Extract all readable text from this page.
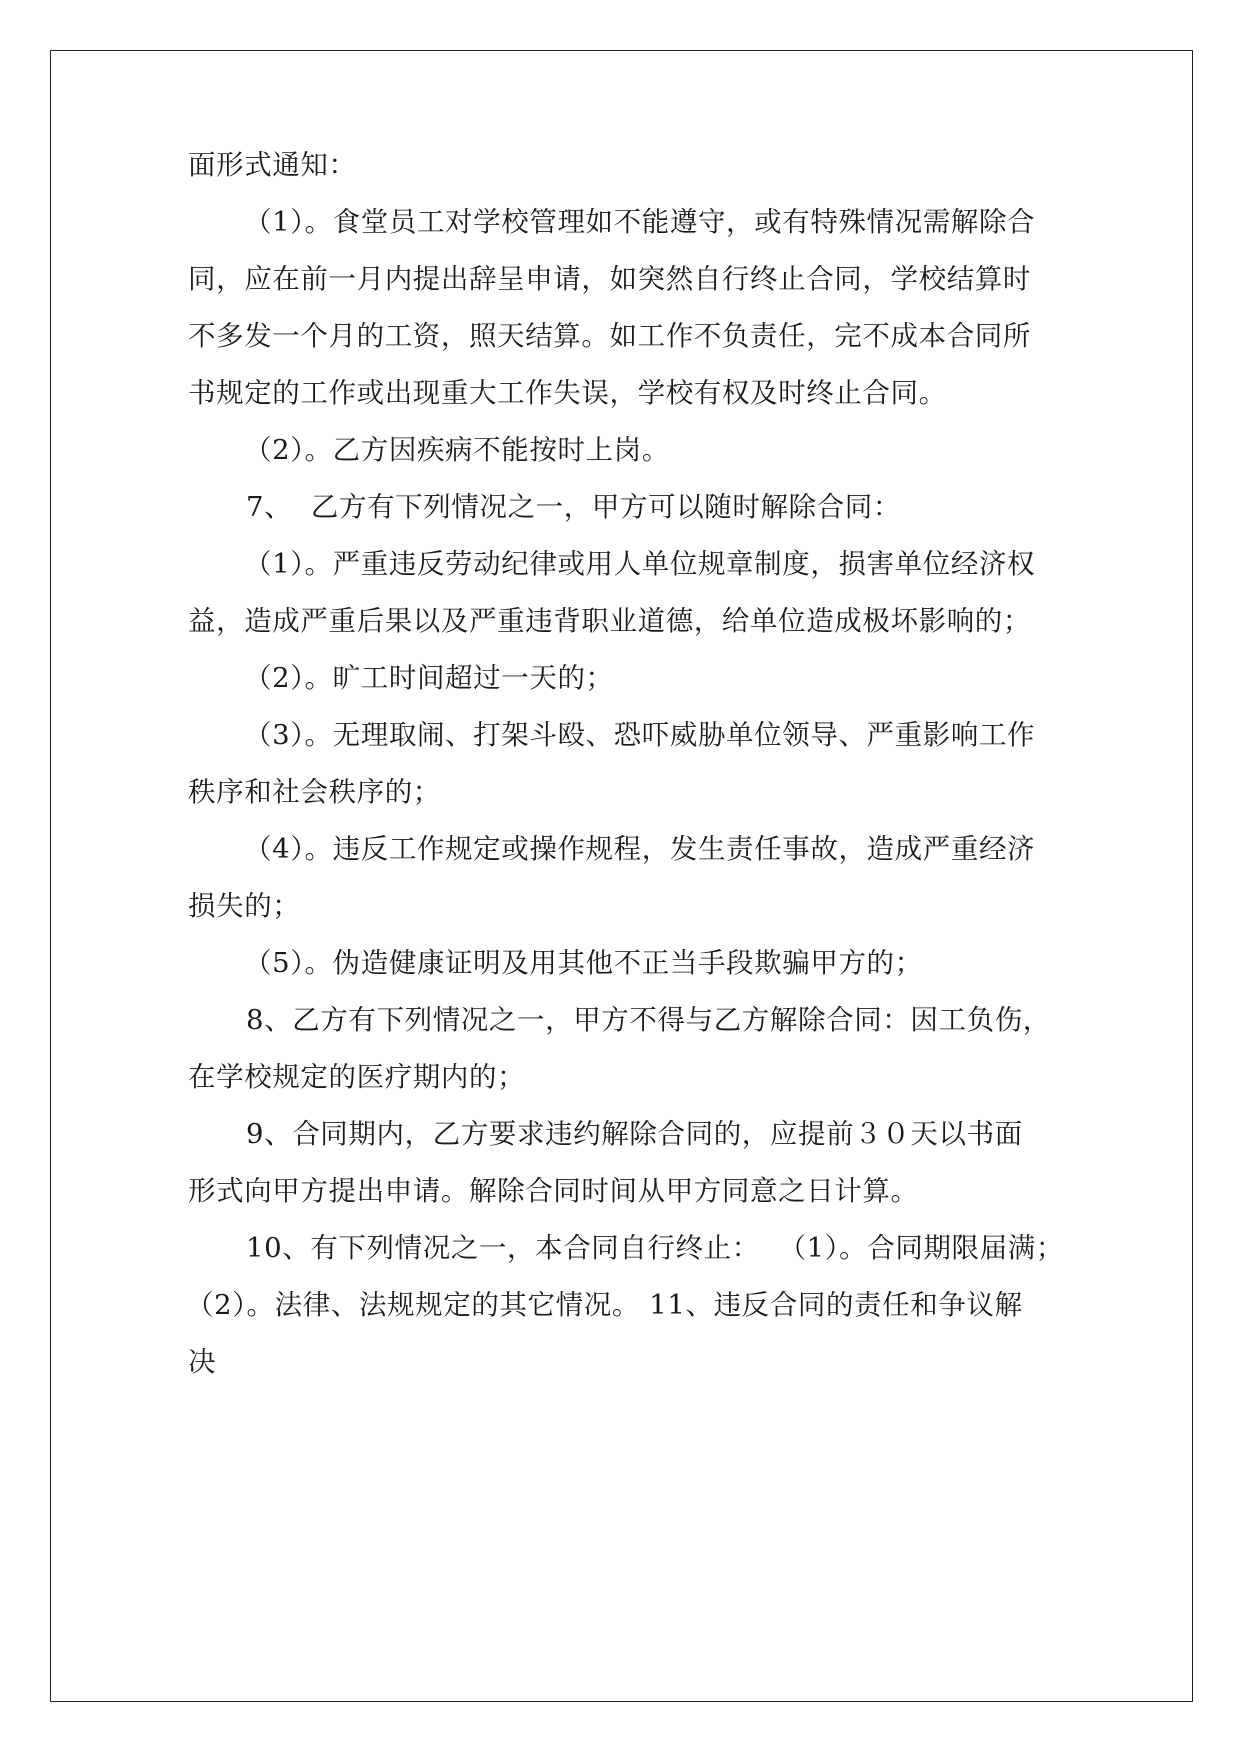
面形式通知：
（1）。食堂员工对学校管理如不能遵守，或有特殊情况需解除合
同，应在前一月内提出辞呈申请，如突然自行终止合同，学校结算时
不多发一个月的工资，照天结算。如工作不负责任，完不成本合同所
书规定的工作或出现重大工作失误，学校有权及时终止合同。
（2）。乙方因疾病不能按时上岗。
7、  乙方有下列情况之一，甲方可以随时解除合同：
（1）。严重违反劳动纪律或用人单位规章制度，损害单位经济权
益，造成严重后果以及严重违背职业道德，给单位造成极坏影响的；
（2）。旷工时间超过一天的；
（3）。无理取闹、打架斗殴、恐吓威胁单位领导、严重影响工作
秩序和社会秩序的；
（4）。违反工作规定或操作规程，发生责任事故，造成严重经济
损失的；
（5）。伪造健康证明及用其他不正当手段欺骗甲方的；
8、乙方有下列情况之一，甲方不得与乙方解除合同：因工负伤，
在学校规定的医疗期内的；
9、合同期内，乙方要求违约解除合同的，应提前３０天以书面
形式向甲方提出申请。解除合同时间从甲方同意之日计算。
10、有下列情况之一，本合同自行终止：  （1）。合同期限届满；
（2）。法律、法规规定的其它情况。 11、违反合同的责任和争议解
决
